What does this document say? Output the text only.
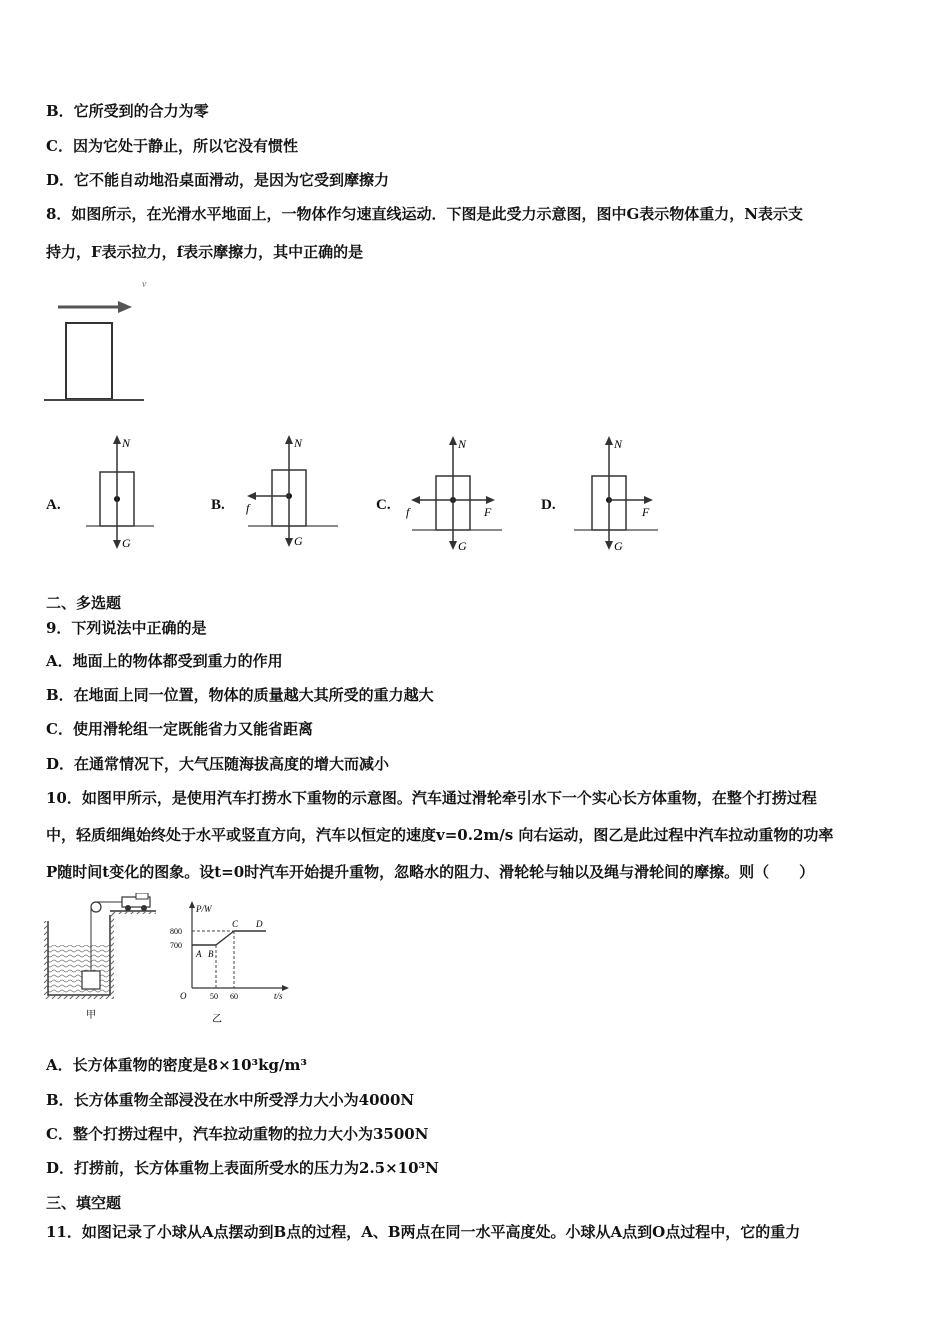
B．它所受到的合力为零
C．因为它处于静止，所以它没有惯性
D．它不能自动地沿桌面滑动，是因为它受到摩擦力
8．如图所示，在光滑水平地面上，一物体作匀速直线运动．下图是此受力示意图，图中G表示物体重力，N表示支
持力，F表示拉力，f表示摩擦力，其中正确的是
v
A.
N
G
B.
N
G
f	C.
N
G
f	F	D.
N
G
F
二、多选题
9．下列说法中正确的是
A．地面上的物体都受到重力的作用
B．在地面上同一位置，物体的质量越大其所受的重力越大
C．使用滑轮组一定既能省力又能省距离
D．在通常情况下，大气压随海拔高度的增大而减小
10．如图甲所示，是使用汽车打捞水下重物的示意图。汽车通过滑轮牵引水下一个实心长方体重物，在整个打捞过程
中，轻质细绳始终处于水平或竖直方向，汽车以恒定的速度v=0.2m/s 向右运动，图乙是此过程中汽车拉动重物的功率
P随时间t变化的图象。设t=0时汽车开始提升重物，忽略水的阻力、滑轮轮与轴以及绳与滑轮间的摩擦。则（　　）
甲
P/W
t/s
O
800
700
50 60
A B
C D
乙
A．长方体重物的密度是8×10³kg/m³
B．长方体重物全部浸没在水中所受浮力大小为4000N
C．整个打捞过程中，汽车拉动重物的拉力大小为3500N
D．打捞前，长方体重物上表面所受水的压力为2.5×10³N
三、填空题
11．如图记录了小球从A点摆动到B点的过程，A、B两点在同一水平高度处。小球从A点到O点过程中，它的重力
